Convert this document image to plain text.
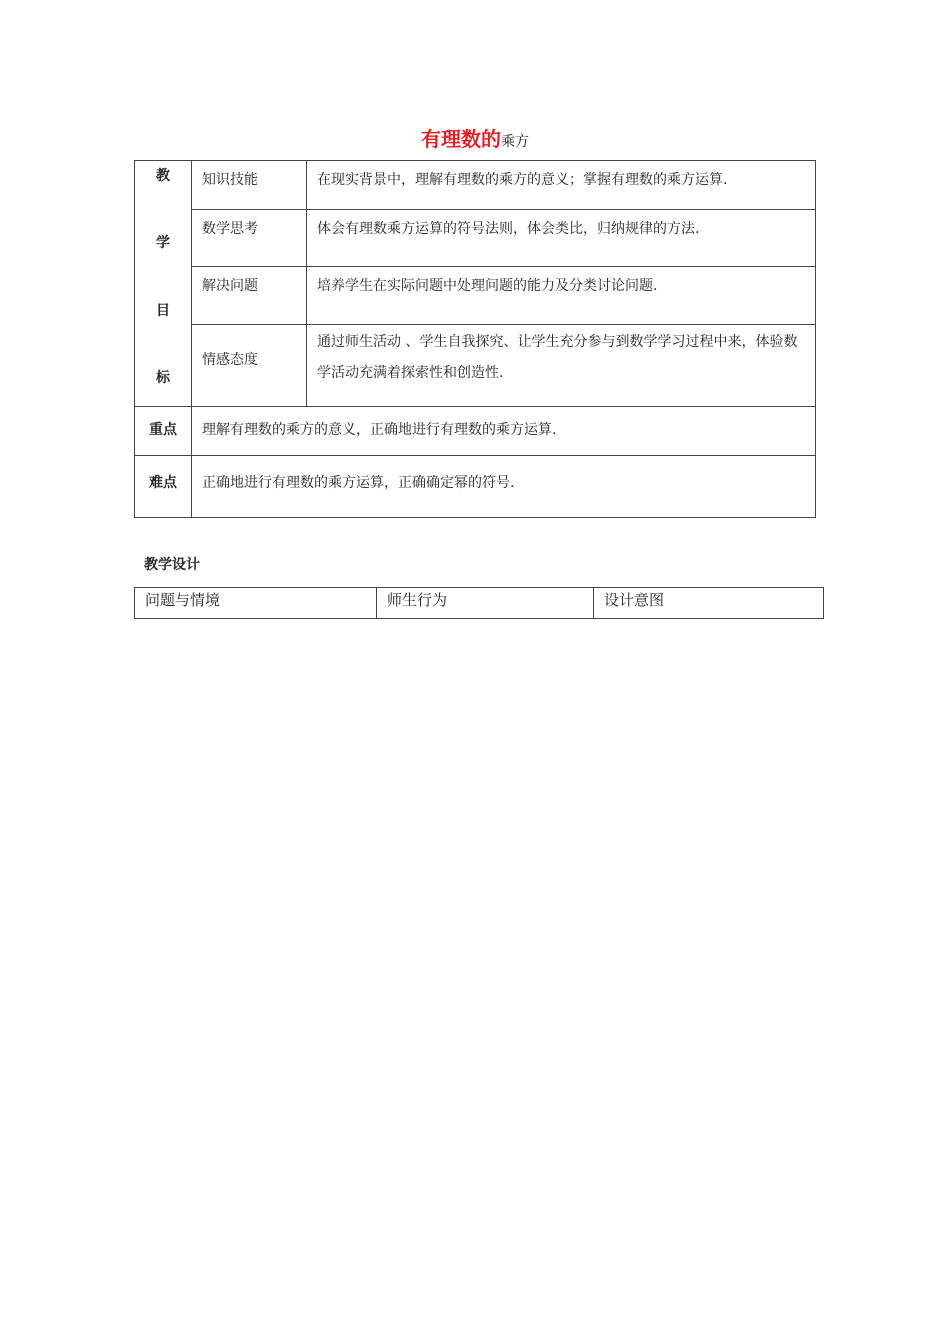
有理数的乘方
教
学
目
标	知识技能	在现实背景中，理解有理数的乘方的意义；掌握有理数的乘方运算.
	数学思考	体会有理数乘方运算的符号法则，体会类比，归纳规律的方法.
	解决问题	培养学生在实际问题中处理问题的能力及分类讨论问题.
	情感态度	通过师生活动 、学生自我探究、让学生充分参与到数学学习过程中来，体验数学活动充满着探索性和创造性.
重点	理解有理数的乘方的意义，正确地进行有理数的乘方运算.	
难点	正确地进行有理数的乘方运算，正确确定幂的符号.	
教学设计
问题与情境	师生行为	设计意图
